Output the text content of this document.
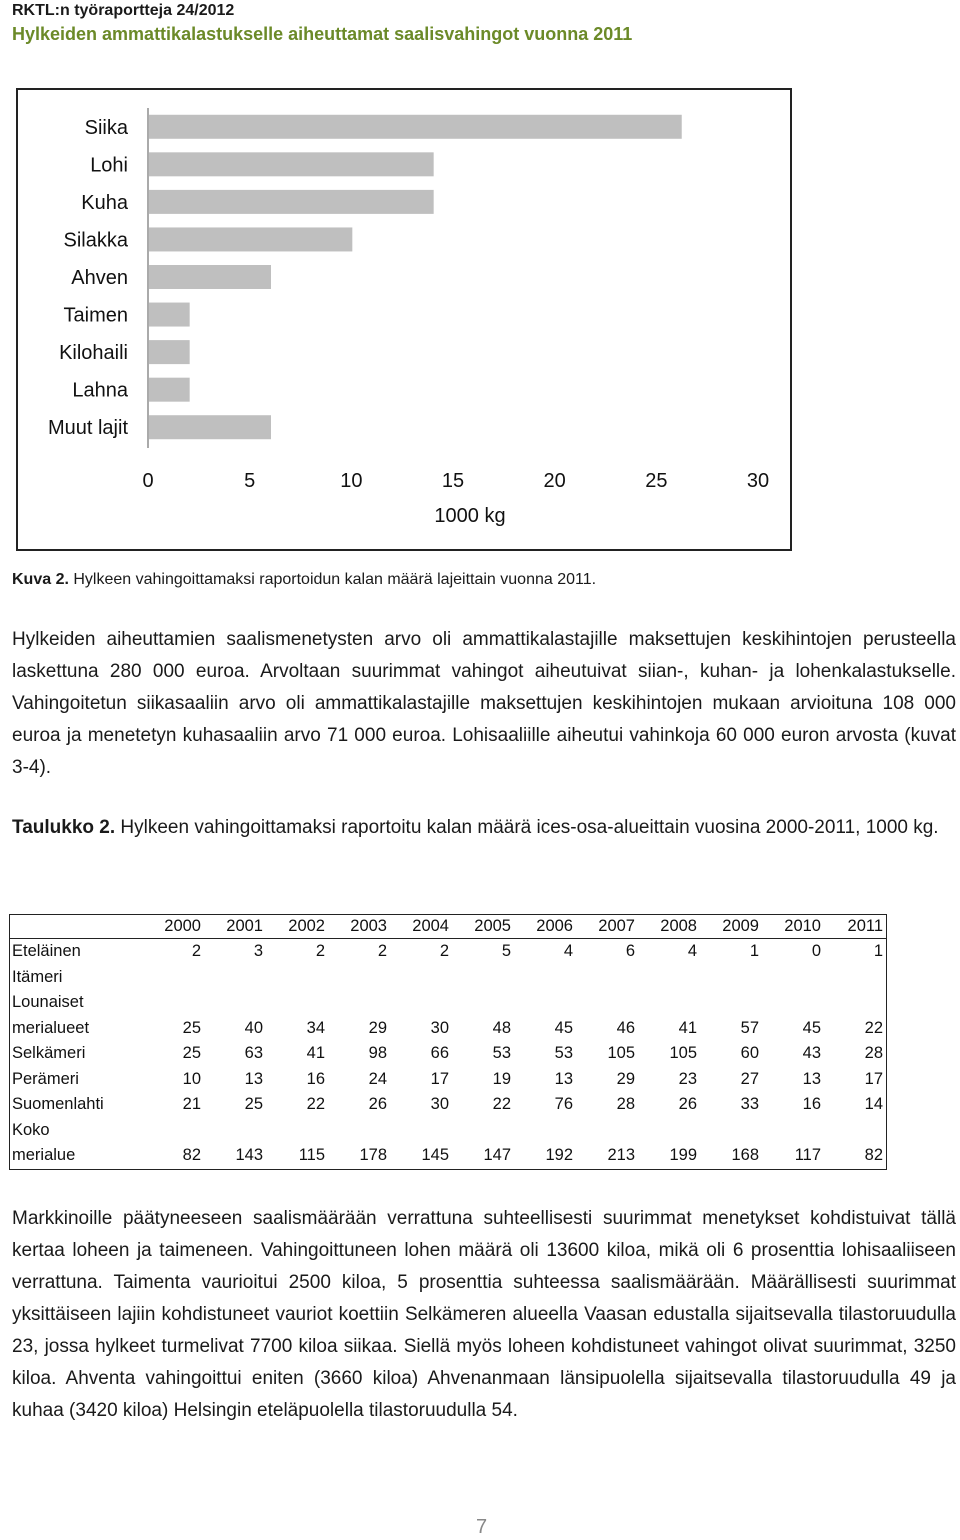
RKTL:n työraportteja 24/2012
Hylkeiden ammattikalastukselle aiheuttamat saalisvahingot vuonna 2011
Siika
Lohi
Kuha
Silakka
Ahven
Taimen
Kilohaili
Lahna
Muut lajit
0	5	10	15	20	25	30
1000 kg
Kuva 2. Hylkeen vahingoittamaksi raportoidun kalan määrä lajeittain vuonna 2011.
Hylkeiden aiheuttamien saalismenetysten arvo oli ammattikalastajille maksettujen keskihintojen perusteella laskettuna 280 000 euroa. Arvoltaan suurimmat vahingot aiheutuivat siian-, kuhan- ja lohenkalastukselle. Vahingoitetun siikasaaliin arvo oli ammattikalastajille maksettujen keskihintojen mukaan arvioituna 108 000 euroa ja menetetyn kuhasaaliin arvo 71 000 euroa. Lohisaaliille aiheutui vahinkoja 60 000 euron arvosta (kuvat 3-4).
Taulukko 2. Hylkeen vahingoittamaksi raportoitu kalan määrä ices-osa-alueittain vuosina 2000-2011, 1000 kg.
	2000	2001	2002	2003	2004	2005	2006	2007	2008	2009	2010	2011

Eteläinen
Itämeri	2	3	2	2	2	5	4	6	4	1	0	1

Lounaiset
merialueet	25	40	34	29	30	48	45	46	41	57	45	22

Selkämeri	25	63	41	98	66	53	53	105	105	60	43	28

Perämeri	10	13	16	24	17	19	13	29	23	27	13	17

Suomenlahti	21	25	22	26	30	22	76	28	26	33	16	14

Koko
merialue	82	143	115	178	145	147	192	213	199	168	117	82
Markkinoille päätyneeseen saalismäärään verrattuna suhteellisesti suurimmat menetykset kohdistuivat tällä kertaa loheen ja taimeneen. Vahingoittuneen lohen määrä oli 13600 kiloa, mikä oli 6 prosenttia lohisaaliiseen verrattuna. Taimenta vaurioitui 2500 kiloa, 5 prosenttia suhteessa saalismäärään. Määrällisesti suurimmat yksittäiseen lajiin kohdistuneet vauriot koettiin Selkämeren alueella Vaasan edustalla sijaitsevalla tilastoruudulla 23, jossa hylkeet turmelivat 7700 kiloa siikaa. Siellä myös loheen kohdistuneet vahingot olivat suurimmat, 3250 kiloa. Ahventa vahingoittui eniten (3660 kiloa) Ahvenanmaan länsipuolella sijaitsevalla tilastoruudulla 49 ja kuhaa (3420 kiloa) Helsingin eteläpuolella tilastoruudulla 54.
7
